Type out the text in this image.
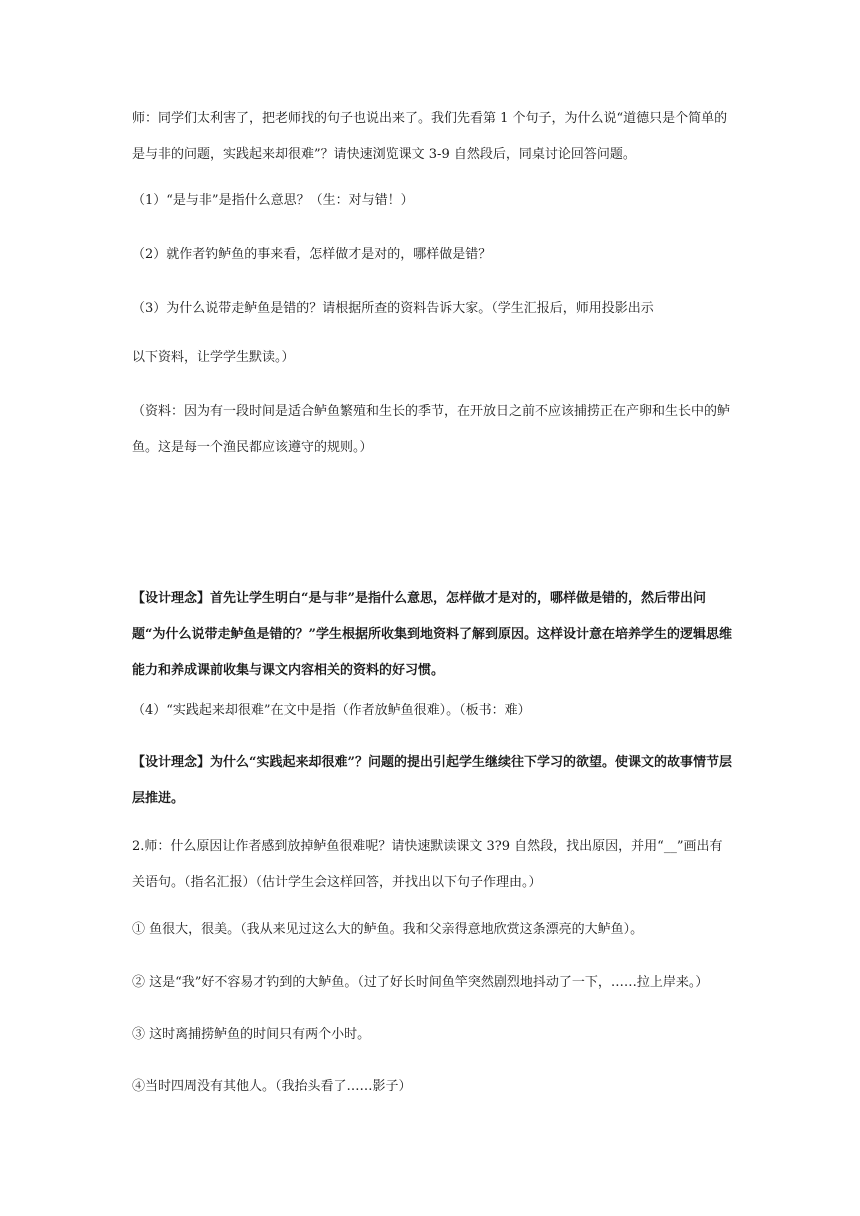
师：同学们太利害了，把老师找的句子也说出来了。我们先看第 1 个句子，为什么说“道德只是个简单的是与非的问题，实践起来却很难”？请快速浏览课文 3-9 自然段后，同桌讨论回答问题。

（1）“是与非”是指什么意思？（生：对与错！）

（2）就作者钓鲈鱼的事来看，怎样做才是对的，哪样做是错？

（3）为什么说带走鲈鱼是错的？请根据所查的资料告诉大家。（学生汇报后，师用投影出示

以下资料，让学学生默读。）

（资料：因为有一段时间是适合鲈鱼繁殖和生长的季节，在开放日之前不应该捕捞正在产卵和生长中的鲈鱼。这是每一个渔民都应该遵守的规则。）

【设计理念】首先让学生明白“是与非”是指什么意思，怎样做才是对的，哪样做是错的，然后带出问题“为什么说带走鲈鱼是错的？”学生根据所收集到地资料了解到原因。这样设计意在培养学生的逻辑思维能力和养成课前收集与课文内容相关的资料的好习惯。

（4）“实践起来却很难”在文中是指（作者放鲈鱼很难）。（板书：难）

【设计理念】为什么“实践起来却很难”？问题的提出引起学生继续往下学习的欲望。使课文的故事情节层层推进。

2.师：什么原因让作者感到放掉鲈鱼很难呢？请快速默读课文 3?9 自然段，找出原因，并用“__”画出有关语句。（指名汇报）（估计学生会这样回答，并找出以下句子作理由。）

① 鱼很大，很美。（我从来见过这么大的鲈鱼。我和父亲得意地欣赏这条漂亮的大鲈鱼）。

② 这是“我”好不容易才钓到的大鲈鱼。（过了好长时间鱼竿突然剧烈地抖动了一下，……拉上岸来。）

③ 这时离捕捞鲈鱼的时间只有两个小时。

④当时四周没有其他人。（我抬头看了……影子）
